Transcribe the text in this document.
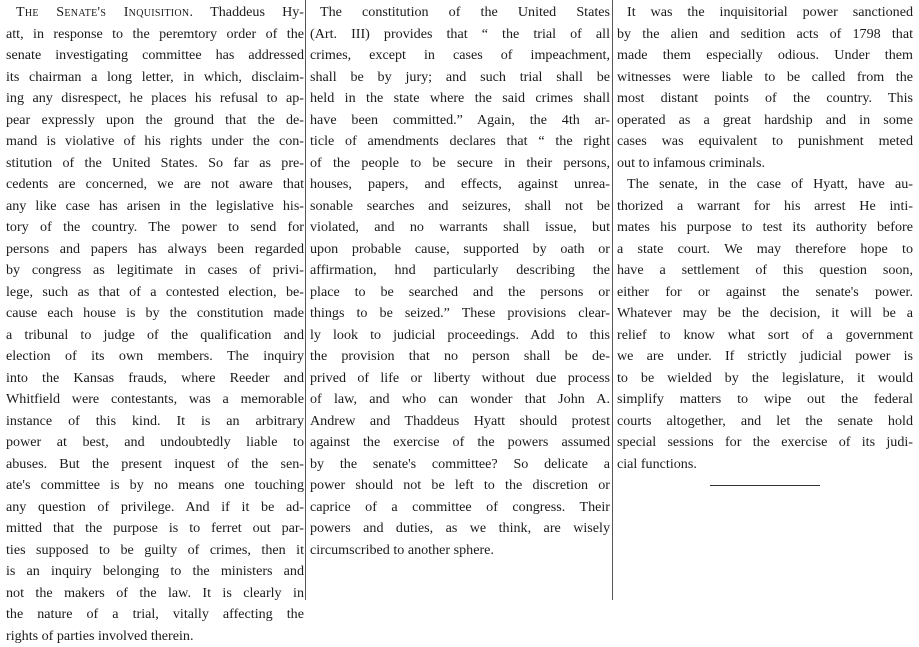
The Senate's Inquisition. Thaddeus Hy-
att, in response to the peremtory order of the
senate investigating committee has addressed
its chairman a long letter, in which, disclaim-
ing any disrespect, he places his refusal to ap-
pear expressly upon the ground that the de-
mand is violative of his rights under the con-
stitution of the United States. So far as pre-
cedents are concerned, we are not aware that
any like case has arisen in the legislative his-
tory of the country. The power to send for
persons and papers has always been regarded
by congress as legitimate in cases of privi-
lege, such as that of a contested election, be-
cause each house is by the constitution made
a tribunal to judge of the qualification and
election of its own members. The inquiry
into the Kansas frauds, where Reeder and
Whitfield were contestants, was a memorable
instance of this kind. It is an arbitrary
power at best, and undoubtedly liable to
abuses. But the present inquest of the sen-
ate's committee is by no means one touching
any question of privilege. And if it be ad-
mitted that the purpose is to ferret out par-
ties supposed to be guilty of crimes, then it
is an inquiry belonging to the ministers and
not the makers of the law. It is clearly in
the nature of a trial, vitally affecting the
rights of parties involved therein.
The constitution of the United States
(Art. III) provides that “ the trial of all
crimes, except in cases of impeachment,
shall be by jury; and such trial shall be
held in the state where the said crimes shall
have been committed.” Again, the 4th ar-
ticle of amendments declares that “ the right
of the people to be secure in their persons,
houses, papers, and effects, against unrea-
sonable searches and seizures, shall not be
violated, and no warrants shall issue, but
upon probable cause, supported by oath or
affirmation, hnd particularly describing the
place to be searched and the persons or
things to be seized.” These provisions clear-
ly look to judicial proceedings. Add to this
the provision that no person shall be de-
prived of life or liberty without due process
of law, and who can wonder that John A.
Andrew and Thaddeus Hyatt should protest
against the exercise of the powers assumed
by the senate's committee? So delicate a
power should not be left to the discretion or
caprice of a committee of congress. Their
powers and duties, as we think, are wisely
circumscribed to another sphere.
It was the inquisitorial power sanctioned
by the alien and sedition acts of 1798 that
made them especially odious. Under them
witnesses were liable to be called from the
most distant points of the country. This
operated as a great hardship and in some
cases was equivalent to punishment meted
out to infamous criminals.
The senate, in the case of Hyatt, have au-
thorized a warrant for his arrest He inti-
mates his purpose to test its authority before
a state court. We may therefore hope to
have a settlement of this question soon,
either for or against the senate's power.
Whatever may be the decision, it will be a
relief to know what sort of a government
we are under. If strictly judicial power is
to be wielded by the legislature, it would
simplify matters to wipe out the federal
courts altogether, and let the senate hold
special sessions for the exercise of its judi-
cial functions.
